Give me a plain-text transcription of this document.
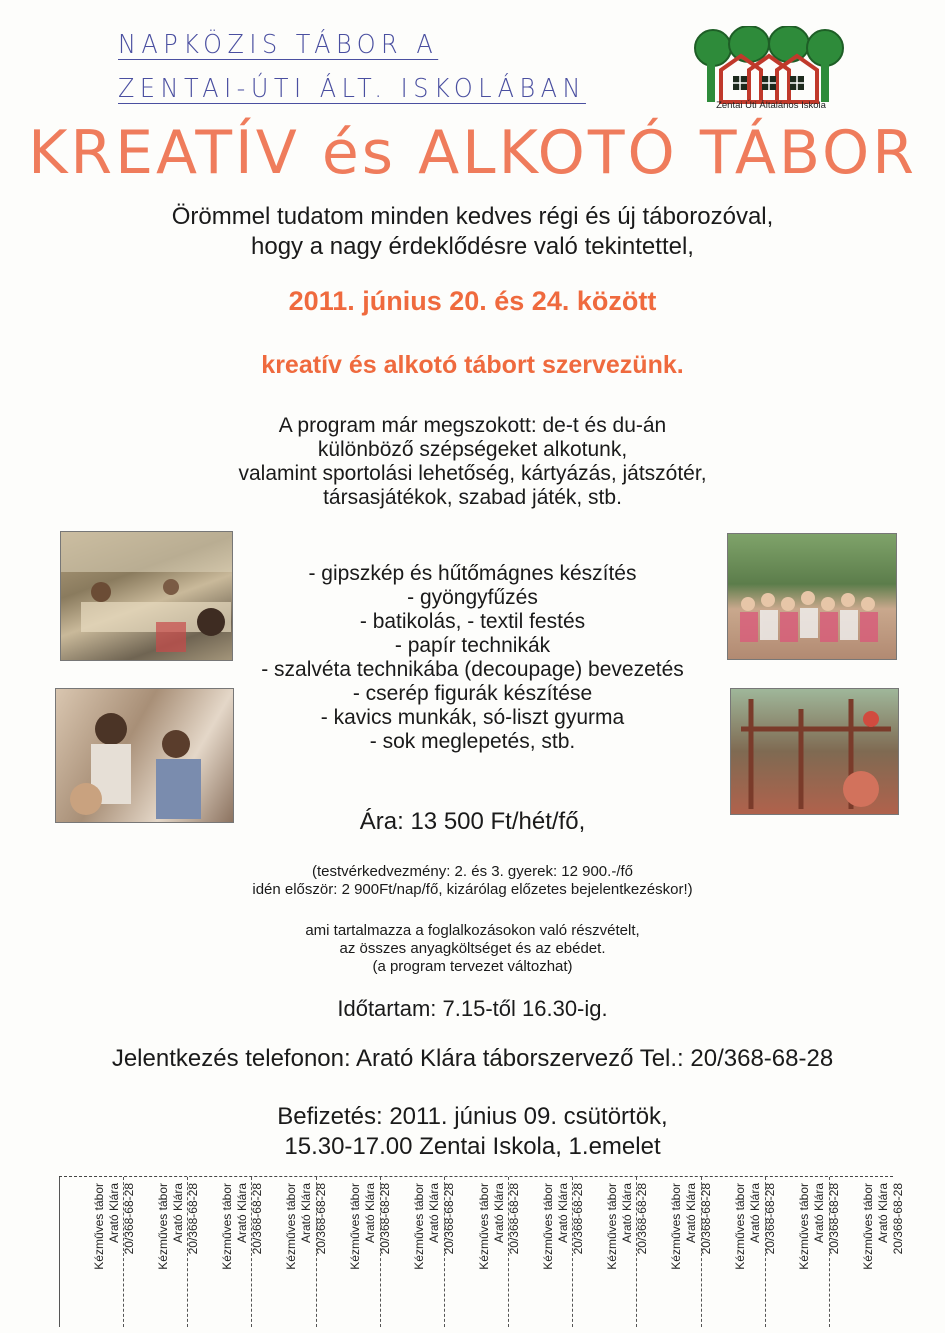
NAPKÖZIS TÁBOR A
ZENTAI-ÚTI ÁLT. ISKOLÁBAN
Zentai Úti Általános Iskola
KREATÍV és ALKOTÓ TÁBOR
Örömmel tudatom minden kedves régi és új táborozóval,
hogy a nagy érdeklődésre való tekintettel,
2011. június 20. és 24. között
kreatív és alkotó tábort szervezünk.
A program már megszokott: de-t és du-án
különböző szépségeket alkotunk,
valamint sportolási lehetőség, kártyázás, játszótér,
társasjátékok, szabad játék, stb.
- gipszkép és hűtőmágnes készítés
- gyöngyfűzés
- batikolás, - textil festés
- papír technikák
- szalvéta technikába (decoupage) bevezetés
- cserép figurák készítése
- kavics munkák, só-liszt gyurma
- sok meglepetés, stb.
Ára: 13 500 Ft/hét/fő,
(testvérkedvezmény: 2. és 3. gyerek: 12 900.-/fő
idén először: 2 900Ft/nap/fő, kizárólag előzetes bejelentkezéskor!)
ami tartalmazza a foglalkozásokon való részvételt,
az összes anyagköltséget és az ebédet.
(a program tervezet változhat)
Időtartam: 7.15-től 16.30-ig.
Jelentkezés telefonon: Arató Klára táborszervező Tel.: 20/368-68-28
Befizetés: 2011. június 09. csütörtök,
15.30-17.00 Zentai Iskola, 1.emelet
Kézműves tábor Arató Klára 20/368-68-28 Kézműves tábor Arató Klára 20/368-68-28 Kézműves tábor Arató Klára 20/368-68-28 Kézműves tábor Arató Klára 20/368-68-28 Kézműves tábor Arató Klára 20/368-68-28 Kézműves tábor Arató Klára 20/368-68-28 Kézműves tábor Arató Klára 20/368-68-28 Kézműves tábor Arató Klára 20/368-68-28 Kézműves tábor Arató Klára 20/368-68-28 Kézműves tábor Arató Klára 20/368-68-28 Kézműves tábor Arató Klára 20/368-68-28 Kézműves tábor Arató Klára 20/368-68-28 Kézműves tábor Arató Klára 20/368-68-28
